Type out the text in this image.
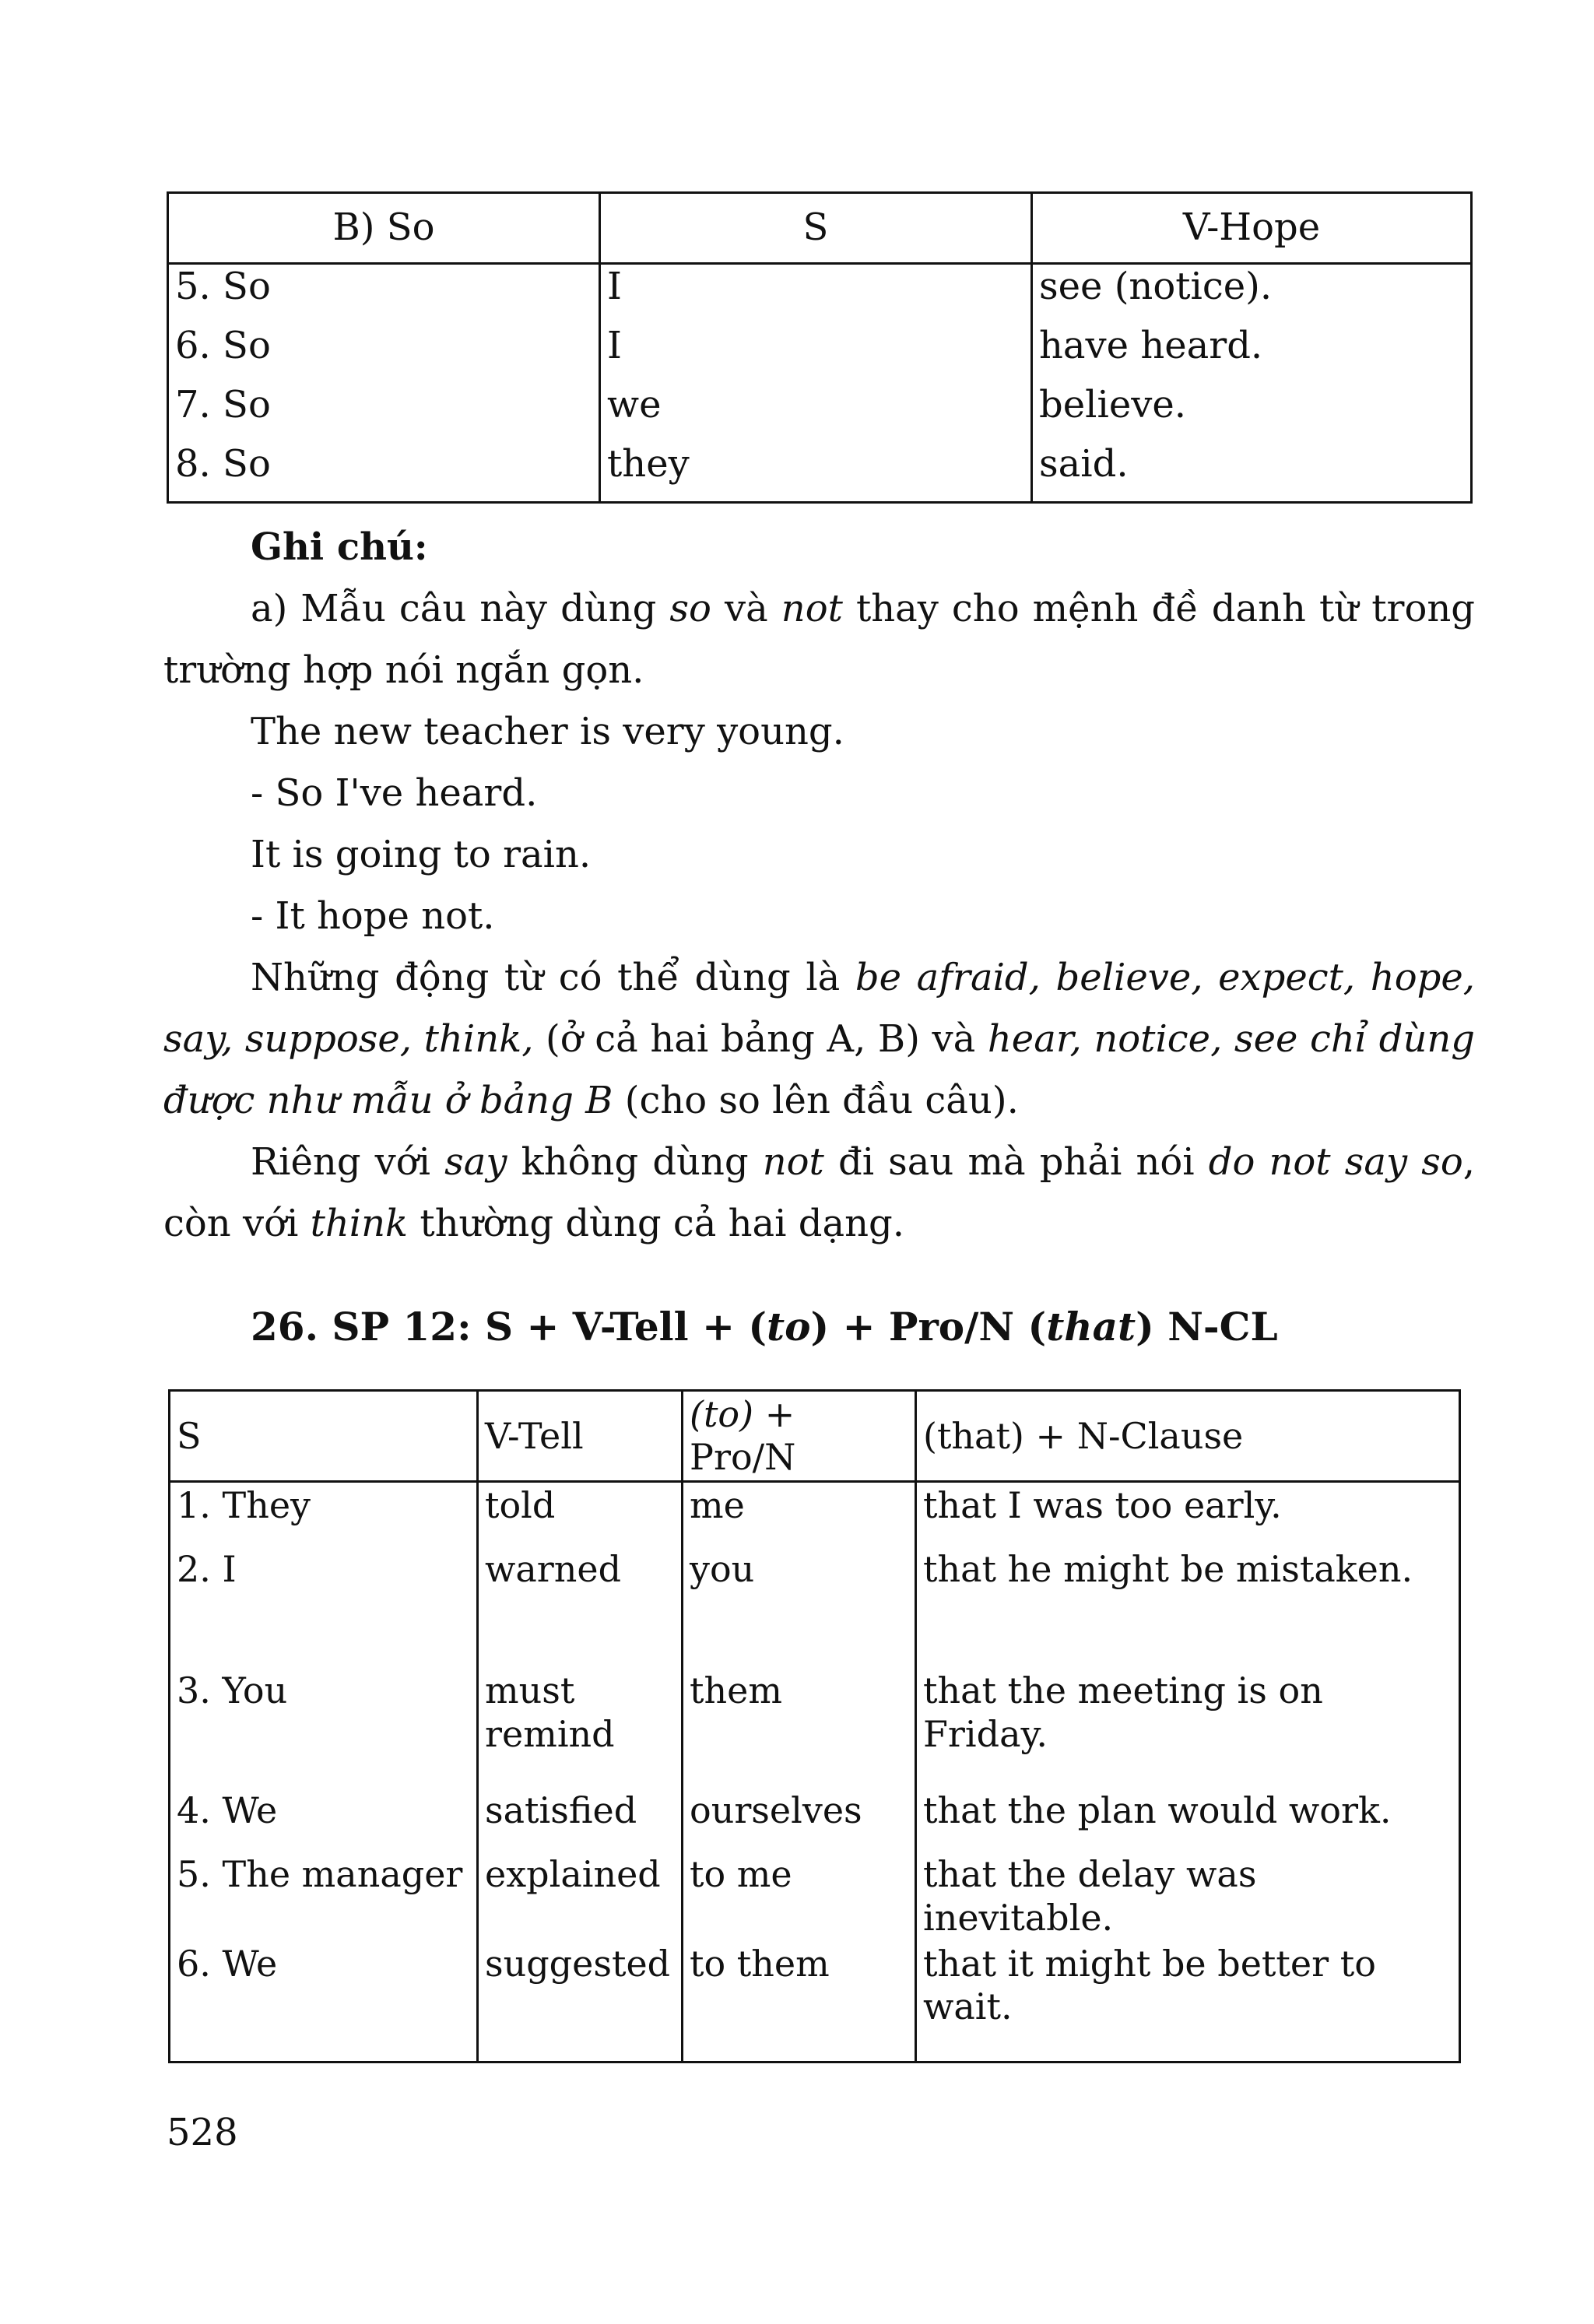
B) So	S	V-Hope
5. So	I	see (notice).
6. So	I	have heard.
7. So	we	believe.
8. So	they	said.

Ghi chú:

a) Mẫu câu này dùng so và not thay cho mệnh đề danh từ trong trường hợp nói ngắn gọn.

The new teacher is very young.

- So I've heard.

It is going to rain.

- It hope not.

Những động từ có thể dùng là be afraid, believe, expect, hope, say, suppose, think, (ở cả hai bảng A, B) và hear, notice, see chỉ dùng được như mẫu ở bảng B (cho so lên đầu câu).

Riêng với say không dùng not đi sau mà phải nói do not say so, còn với think thường dùng cả hai dạng.

26. SP 12: S + V-Tell + (to) + Pro/N (that) N-CL
S	V-Tell	(to) + Pro/N	(that) + N-Clause
1. They	told	me	that I was too early.
2. I	warned	you	that he might be mistaken.

3. You	must remind	them	that the meeting is on Friday.
4. We	satisfied	ourselves	that the plan would work.
5. The manager	explained	to me	that the delay was inevitable.
6. We	suggested	to them	that it might be better to wait.
528
